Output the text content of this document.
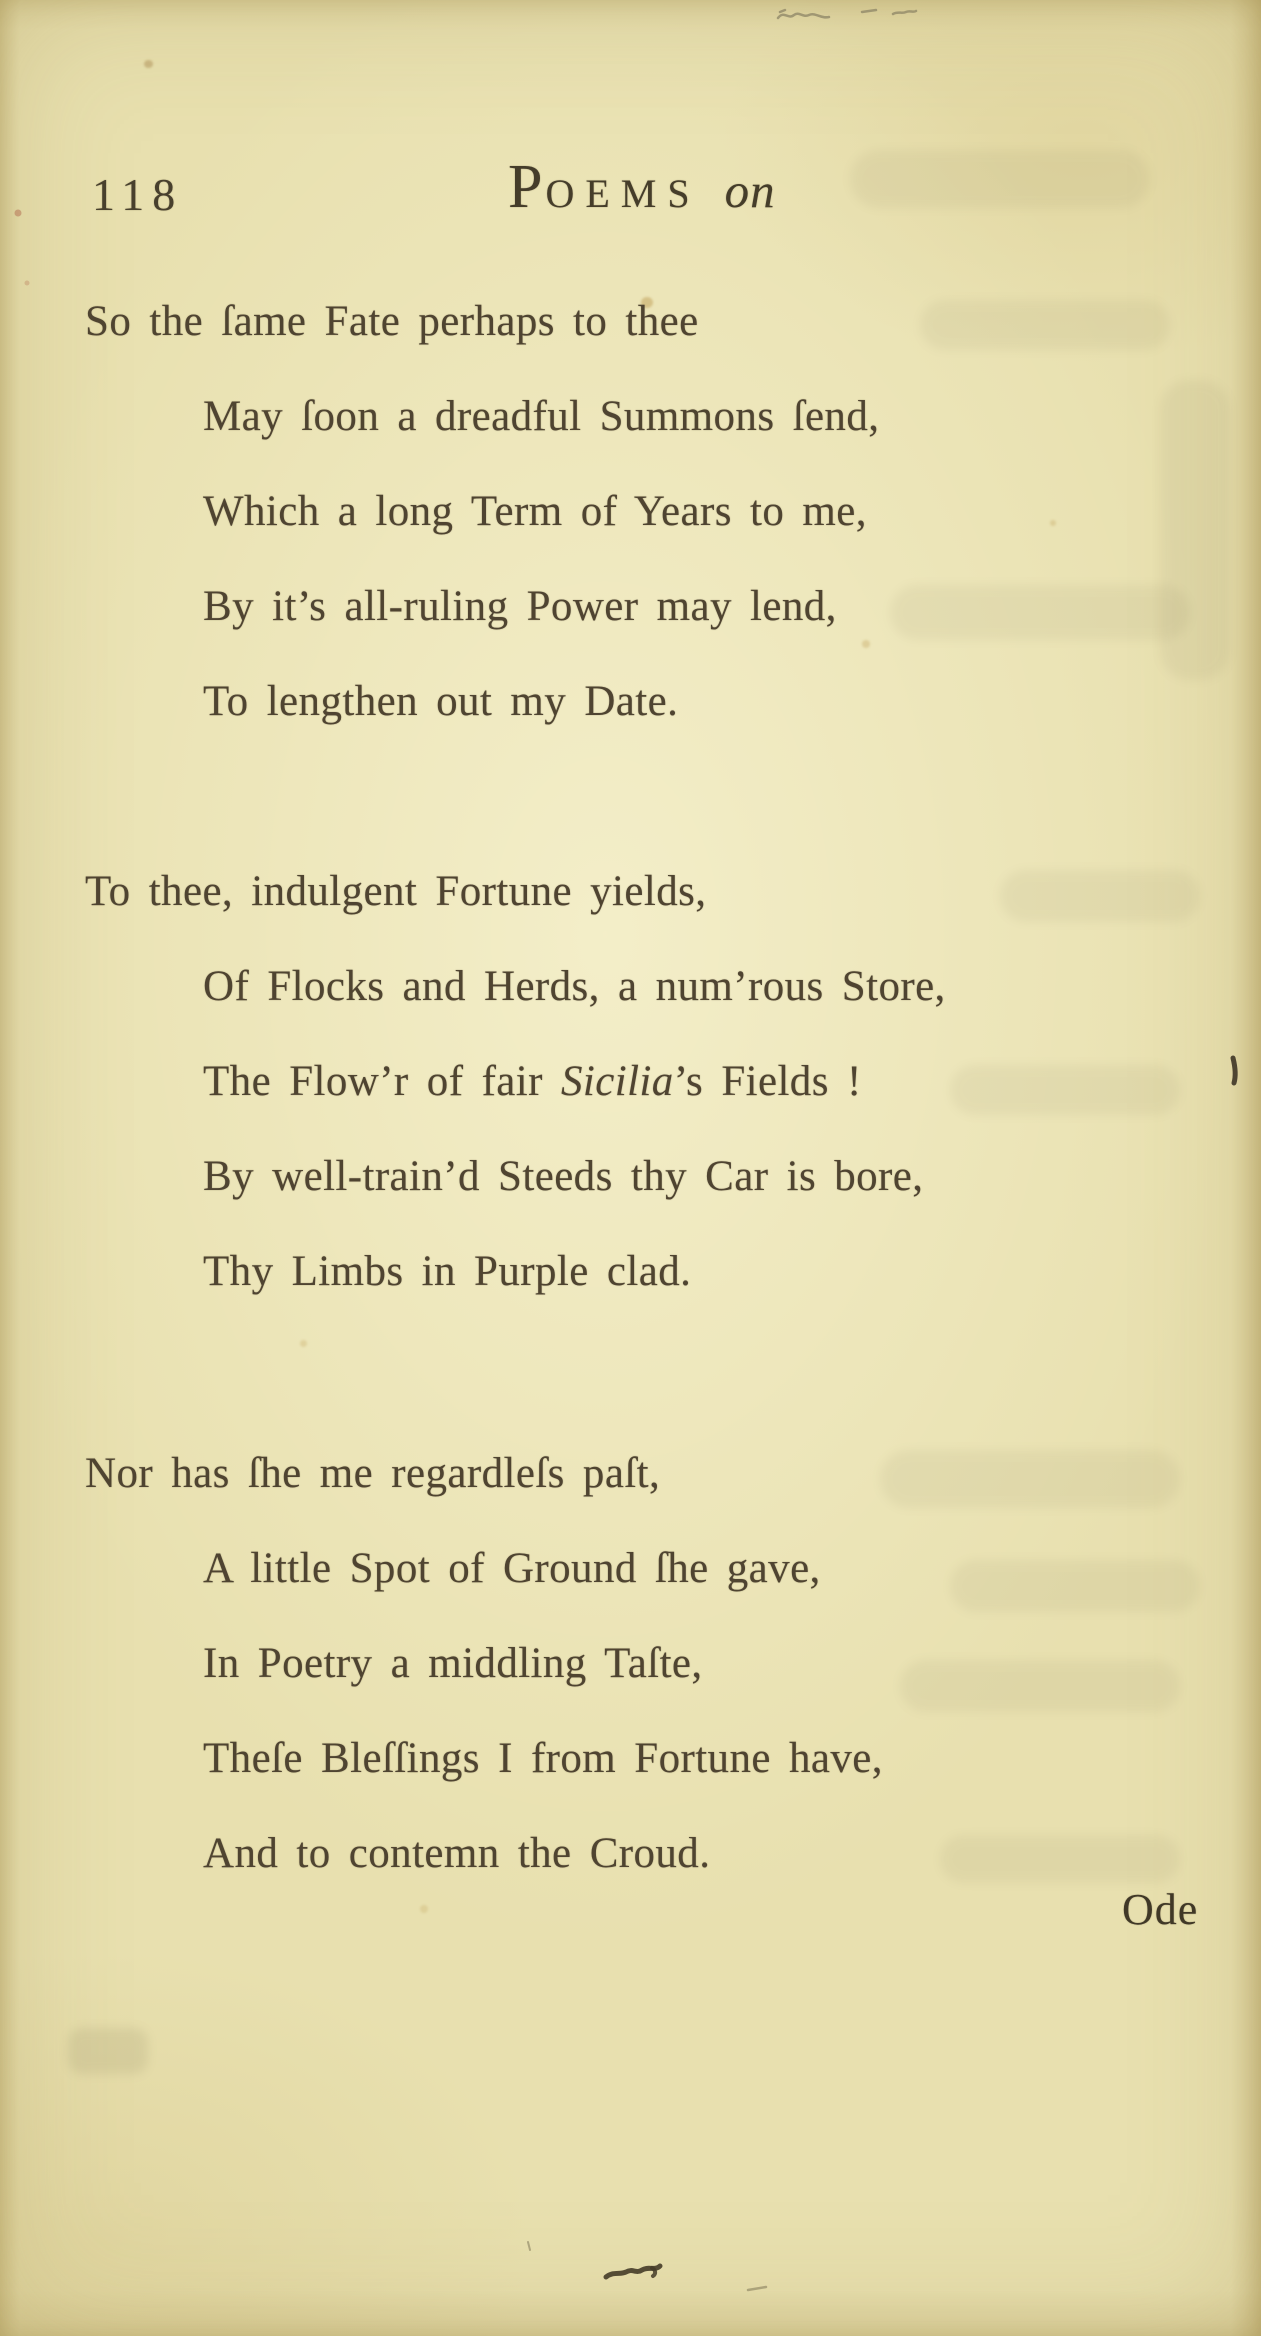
118	P OEMS on
So the ſame Fate perhaps to thee
May ſoon a dreadful Summons ſend,
Which a long Term of Years to me,
By it’s all-ruling Power may lend,
To lengthen out my Date.
To thee, indulgent Fortune yields,
Of Flocks and Herds, a num’rous Store,
The Flow’r of fair Sicilia’s Fields !
By well-train’d Steeds thy Car is bore,
Thy Limbs in Purple clad.
Nor has ſhe me regardleſs paſt,
A little Spot of Ground ſhe gave,
In Poetry a middling Taſte,
Theſe Bleſſings I from Fortune have,
And to contemn the Croud.
Ode
